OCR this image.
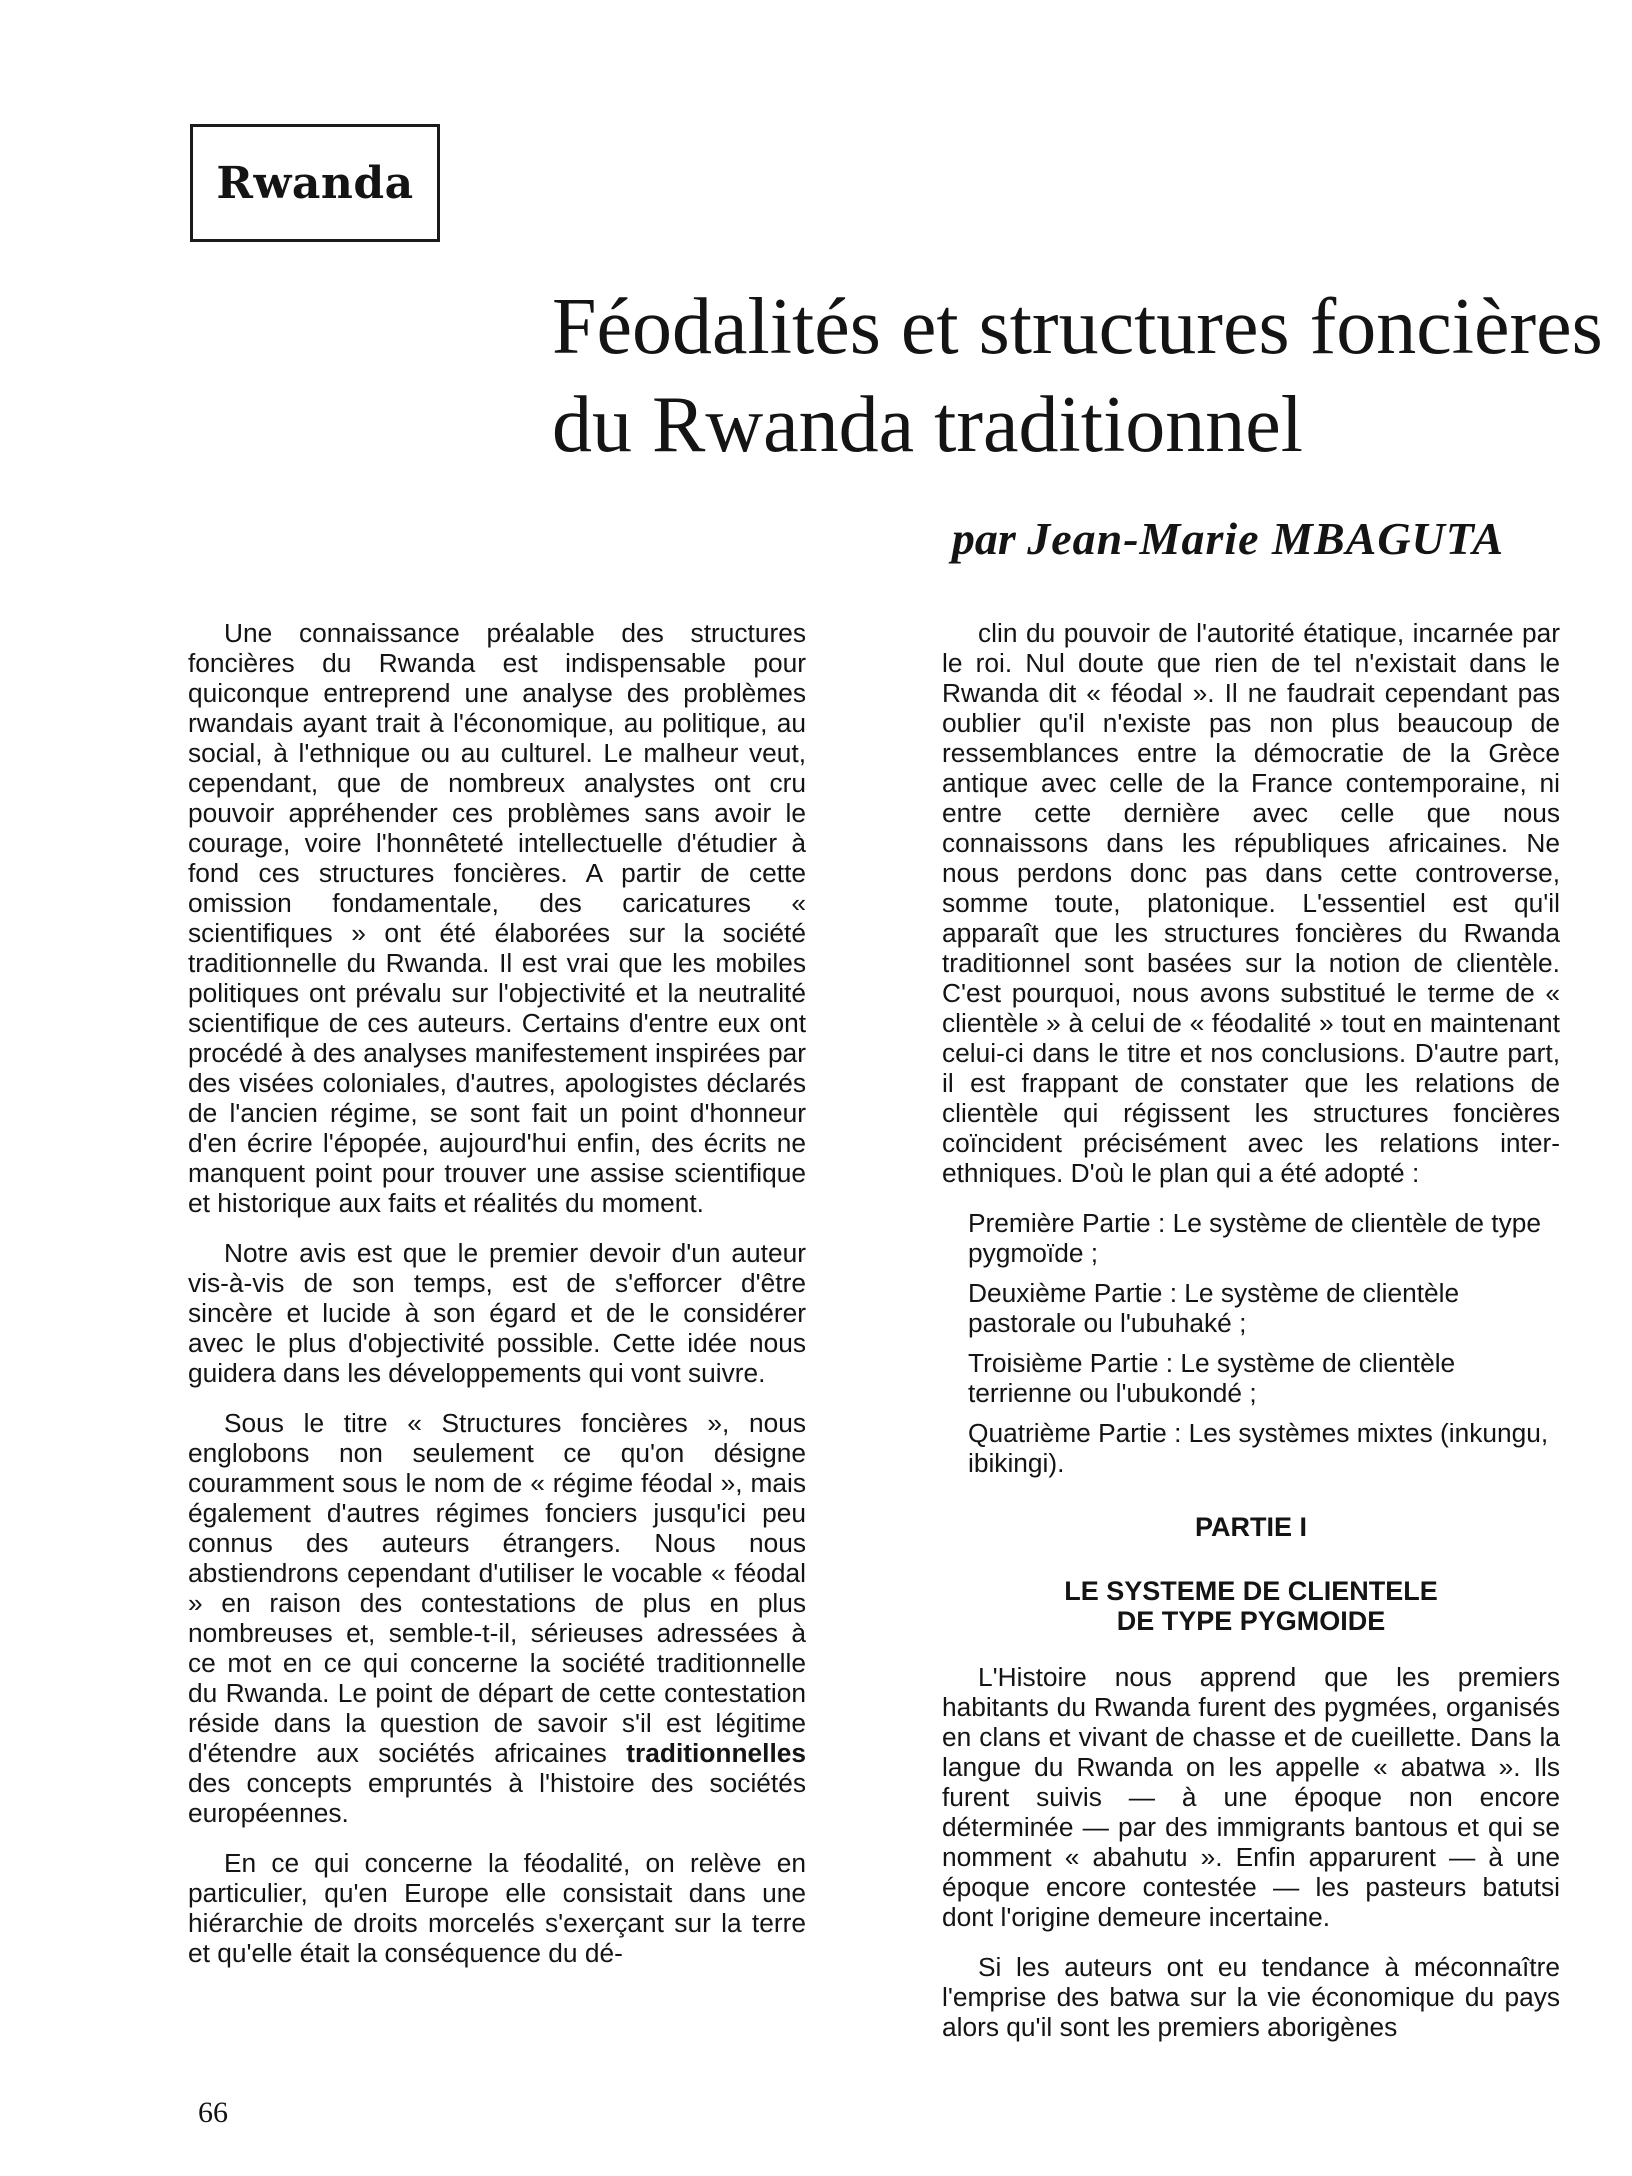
Rwanda
Féodalités et structures foncières
du Rwanda traditionnel
par Jean-Marie MBAGUTA

Une connaissance préalable des structures foncières du Rwanda est indispensable pour quiconque entreprend une analyse des problèmes rwandais ayant trait à l'économique, au politique, au social, à l'ethnique ou au culturel. Le malheur veut, cependant, que de nombreux analystes ont cru pouvoir appréhender ces problèmes sans avoir le courage, voire l'honnêteté intellectuelle d'étudier à fond ces structures foncières. A partir de cette omission fondamentale, des caricatures « scientifiques » ont été élaborées sur la société traditionnelle du Rwanda. Il est vrai que les mobiles politiques ont prévalu sur l'objectivité et la neutralité scientifique de ces auteurs. Certains d'entre eux ont procédé à des analyses manifestement inspirées par des visées coloniales, d'autres, apologistes déclarés de l'ancien régime, se sont fait un point d'honneur d'en écrire l'épopée, aujourd'hui enfin, des écrits ne manquent point pour trouver une assise scientifique et historique aux faits et réalités du moment.

Notre avis est que le premier devoir d'un auteur vis-à-vis de son temps, est de s'efforcer d'être sincère et lucide à son égard et de le considérer avec le plus d'objectivité possible. Cette idée nous guidera dans les développements qui vont suivre.

Sous le titre « Structures foncières », nous englobons non seulement ce qu'on désigne couramment sous le nom de « régime féodal », mais également d'autres régimes fonciers jusqu'ici peu connus des auteurs étrangers. Nous nous abstiendrons cependant d'utiliser le vocable « féodal » en raison des contestations de plus en plus nombreuses et, semble-t-il, sérieuses adressées à ce mot en ce qui concerne la société traditionnelle du Rwanda. Le point de départ de cette contestation réside dans la question de savoir s'il est légitime d'étendre aux sociétés africaines traditionnelles des concepts empruntés à l'histoire des sociétés européennes.

En ce qui concerne la féodalité, on relève en particulier, qu'en Europe elle consistait dans une hiérarchie de droits morcelés s'exerçant sur la terre et qu'elle était la conséquence du dé-

clin du pouvoir de l'autorité étatique, incarnée par le roi. Nul doute que rien de tel n'existait dans le Rwanda dit « féodal ». Il ne faudrait cependant pas oublier qu'il n'existe pas non plus beaucoup de ressemblances entre la démocratie de la Grèce antique avec celle de la France contemporaine, ni entre cette dernière avec celle que nous connaissons dans les républiques africaines. Ne nous perdons donc pas dans cette controverse, somme toute, platonique. L'essentiel est qu'il apparaît que les structures foncières du Rwanda traditionnel sont basées sur la notion de clientèle. C'est pourquoi, nous avons substitué le terme de « clientèle » à celui de « féodalité » tout en maintenant celui-ci dans le titre et nos conclusions. D'autre part, il est frappant de constater que les relations de clientèle qui régissent les structures foncières coïncident précisément avec les relations inter-ethniques. D'où le plan qui a été adopté :

Première Partie : Le système de clientèle de type pygmoïde ;

Deuxième Partie : Le système de clientèle pastorale ou l'ubuhaké ;

Troisième Partie : Le système de clientèle terrienne ou l'ubukondé ;

Quatrième Partie : Les systèmes mixtes (inkungu, ibikingi).

PARTIE I
LE SYSTEME DE CLIENTELE
DE TYPE PYGMOIDE

L'Histoire nous apprend que les premiers habitants du Rwanda furent des pygmées, organisés en clans et vivant de chasse et de cueillette. Dans la langue du Rwanda on les appelle « abatwa ». Ils furent suivis — à une époque non encore déterminée — par des immigrants bantous et qui se nomment « abahutu ». Enfin apparurent — à une époque encore contestée — les pasteurs batutsi dont l'origine demeure incertaine.

Si les auteurs ont eu tendance à méconnaître l'emprise des batwa sur la vie économique du pays alors qu'il sont les premiers aborigènes

66
